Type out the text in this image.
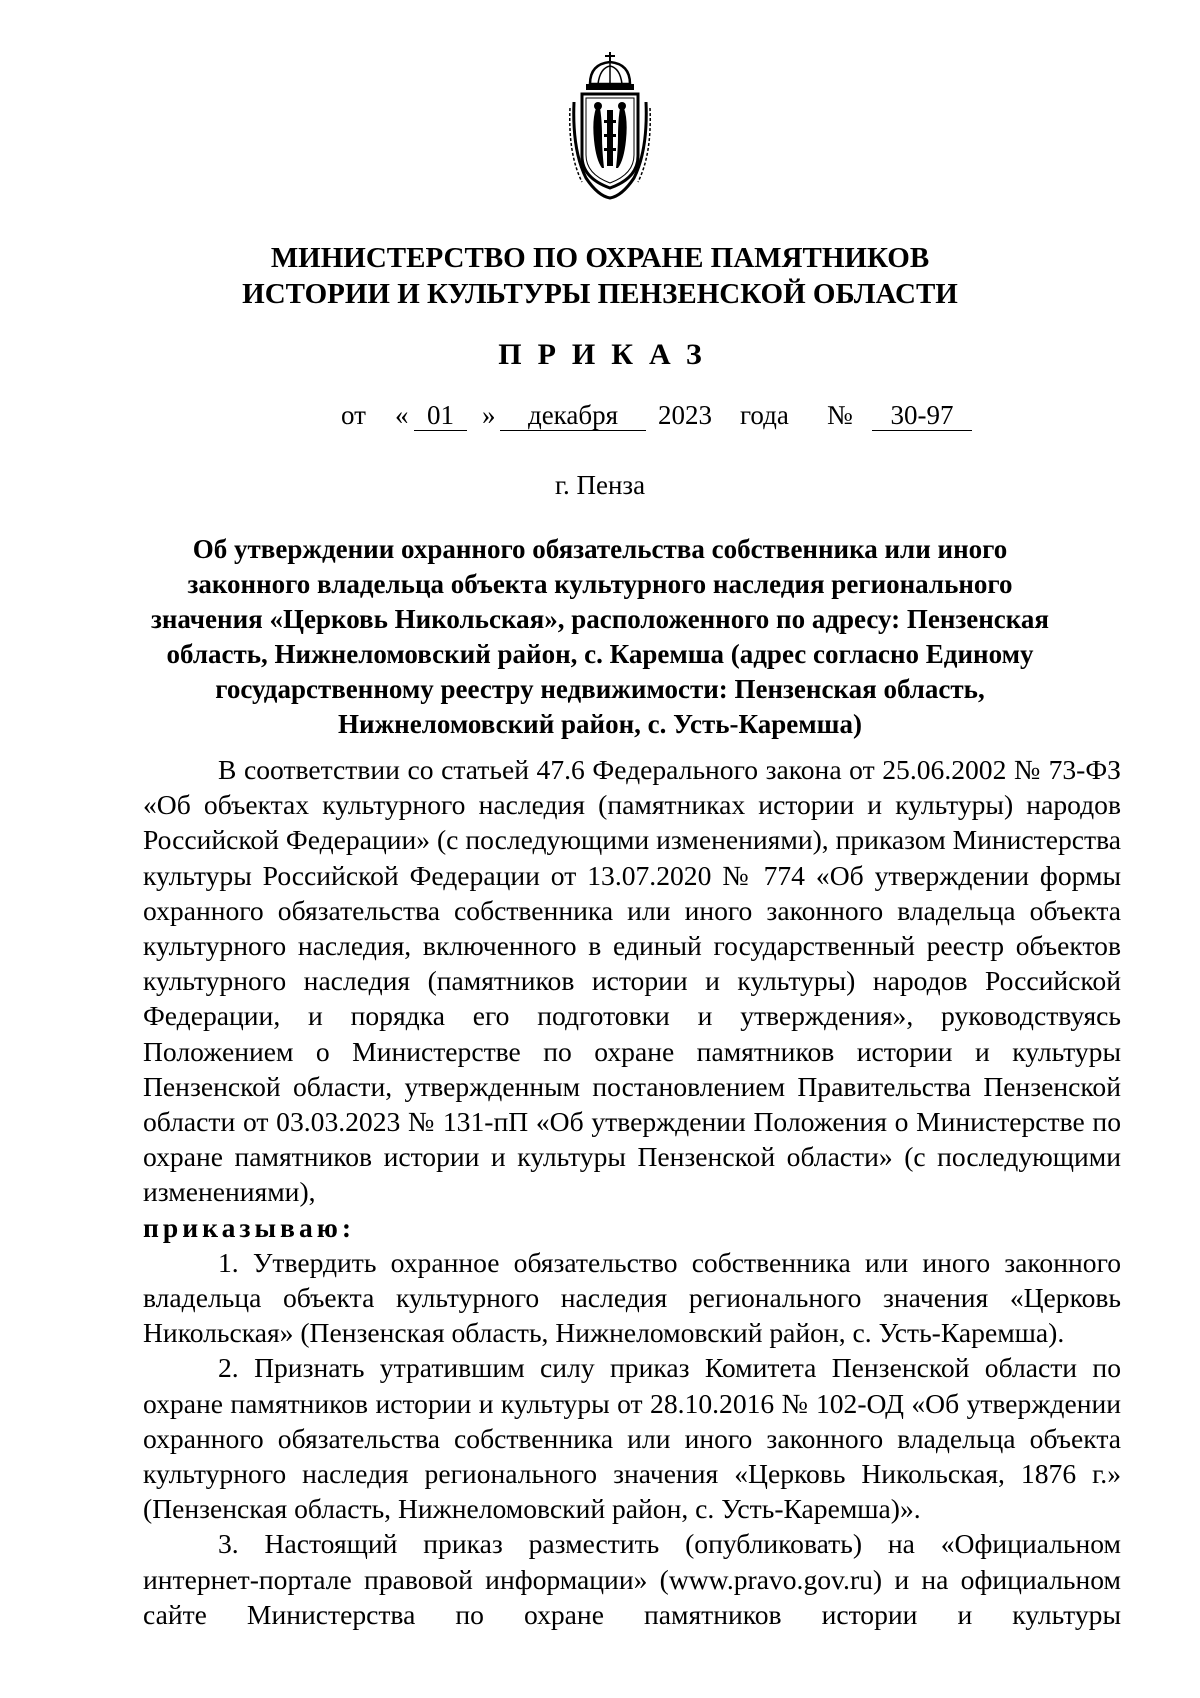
МИНИСТЕРСТВО ПО ОХРАНЕ ПАМЯТНИКОВ
ИСТОРИИ И КУЛЬТУРЫ ПЕНЗЕНСКОЙ ОБЛАСТИ
ПРИКАЗ
от « 01	»	декабря	2023 года №	30-97
г. Пенза
Об утверждении охранного обязательства собственника или иного
законного владельца объекта культурного наследия регионального
значения «Церковь Никольская», расположенного по адресу: Пензенская
область, Нижнеломовский район, с. Каремша (адрес согласно Единому
государственному реестру недвижимости: Пензенская область,
Нижнеломовский район, с. Усть-Каремша)

В соответствии со статьей 47.6 Федерального закона от 25.06.2002 № 73-ФЗ «Об объектах культурного наследия (памятниках истории и культуры) народов Российской Федерации» (с последующими изменениями), приказом Министерства культуры Российской Федерации от 13.07.2020 № 774 «Об утверждении формы охранного обязательства собственника или иного законного владельца объекта культурного наследия, включенного в единый государственный реестр объектов культурного наследия (памятников истории и культуры) народов Российской Федерации, и порядка его подготовки и утверждения», руководствуясь Положением о Министерстве по охране памятников истории и культуры Пензенской области, утвержденным постановлением Правительства Пензенской области от 03.03.2023 № 131-пП «Об утверждении Положения о Министерстве по охране памятников истории и культуры Пензенской области» (с последующими изменениями),

приказываю:

1. Утвердить охранное обязательство собственника или иного законного владельца объекта культурного наследия регионального значения «Церковь Никольская» (Пензенская область, Нижнеломовский район, с. Усть-Каремша).

2. Признать утратившим силу приказ Комитета Пензенской области по охране памятников истории и культуры от 28.10.2016 № 102-ОД «Об утверждении охранного обязательства собственника или иного законного владельца объекта культурного наследия регионального значения «Церковь Никольская, 1876 г.» (Пензенская область, Нижнеломовский район, с. Усть-Каремша)».

3. Настоящий приказ разместить (опубликовать) на «Официальном интернет-портале правовой информации» (www.pravo.gov.ru) и на официальном сайте Министерства по охране памятников истории и культуры
